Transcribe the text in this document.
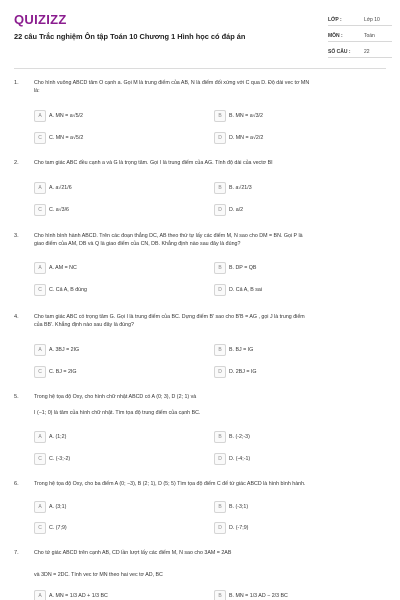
QUIZIZZ
22 câu Trắc nghiệm Ôn tập Toán 10 Chương 1 Hình học có đáp án
LỚP :	Lớp 10
MÔN :	Toán
SỐ CÂU :	22
1.	Cho hình vuông ABCD tâm O cạnh a. Gọi M là trung điểm của AB, N là điểm đối xứng với C qua D. Độ dài vec tơ MN
là:
A	A. MN = a√5/2	B	B. MN = a√3/2
C	C. MN = a√5/2	D	D. MN = a√2/2
2.	Cho tam giác ABC đều cạnh a và G là trọng tâm. Gọi I là trung điểm của AG. Tính độ dài của vectơ BI
A	A. a√21/6	B	B. a√21/3
C	C. a√3/6	D	D. a/2
3.	Cho hình bình hành ABCD. Trên các đoạn thẳng DC, AB theo thứ tự lấy các điểm M, N sao cho DM = BN. Gọi P là
giao điểm của AM, DB và Q là giao điểm của CN, DB. Khẳng định nào sau đây là đúng?
A	A. AM = NC	B	B. DP = QB
C	C. Cả A, B đúng	D	D. Cả A, B sai
4.	Cho tam giác ABC có trọng tâm G. Gọi I là trung điểm của BC. Dựng điểm B' sao cho B'B = AG , gọi J là trung điểm
của BB'. Khẳng định nào sau đây là đúng?
A	A. 3BJ = 2IG	B	B. BJ = IG
C	C. BJ = 2IG	D	D. 2BJ = IG
5.	Trong hệ tọa độ Oxy, cho hình chữ nhật ABCD có A (0; 3), D (2; 1) và
I (−1; 0) là tâm của hình chữ nhật. Tìm tọa độ trung điểm của cạnh BC.
A	A. (1;2)	B	B. (-2;-3)
C	C. (-3;-2)	D	D. (-4;-1)
6.	Trong hệ tọa độ Oxy, cho ba điểm A (0; −3), B (2; 1), D (5; 5) Tìm tọa độ điểm C để tứ giác ABCD là hình bình hành.
A	A. (3;1)	B	B. (-3;1)
C	C. (7;9)	D	D. (-7;9)
7.	Cho tứ giác ABCD trên cạnh AB, CD lần lượt lấy các điểm M, N sao cho 3AM = 2AB
và 3DN = 2DC. Tính vec tơ MN theo hai vec tơ AD, BC
A	A. MN = 1/3 AD + 1/3 BC	B	B. MN = 1/3 AD − 2/3 BC
